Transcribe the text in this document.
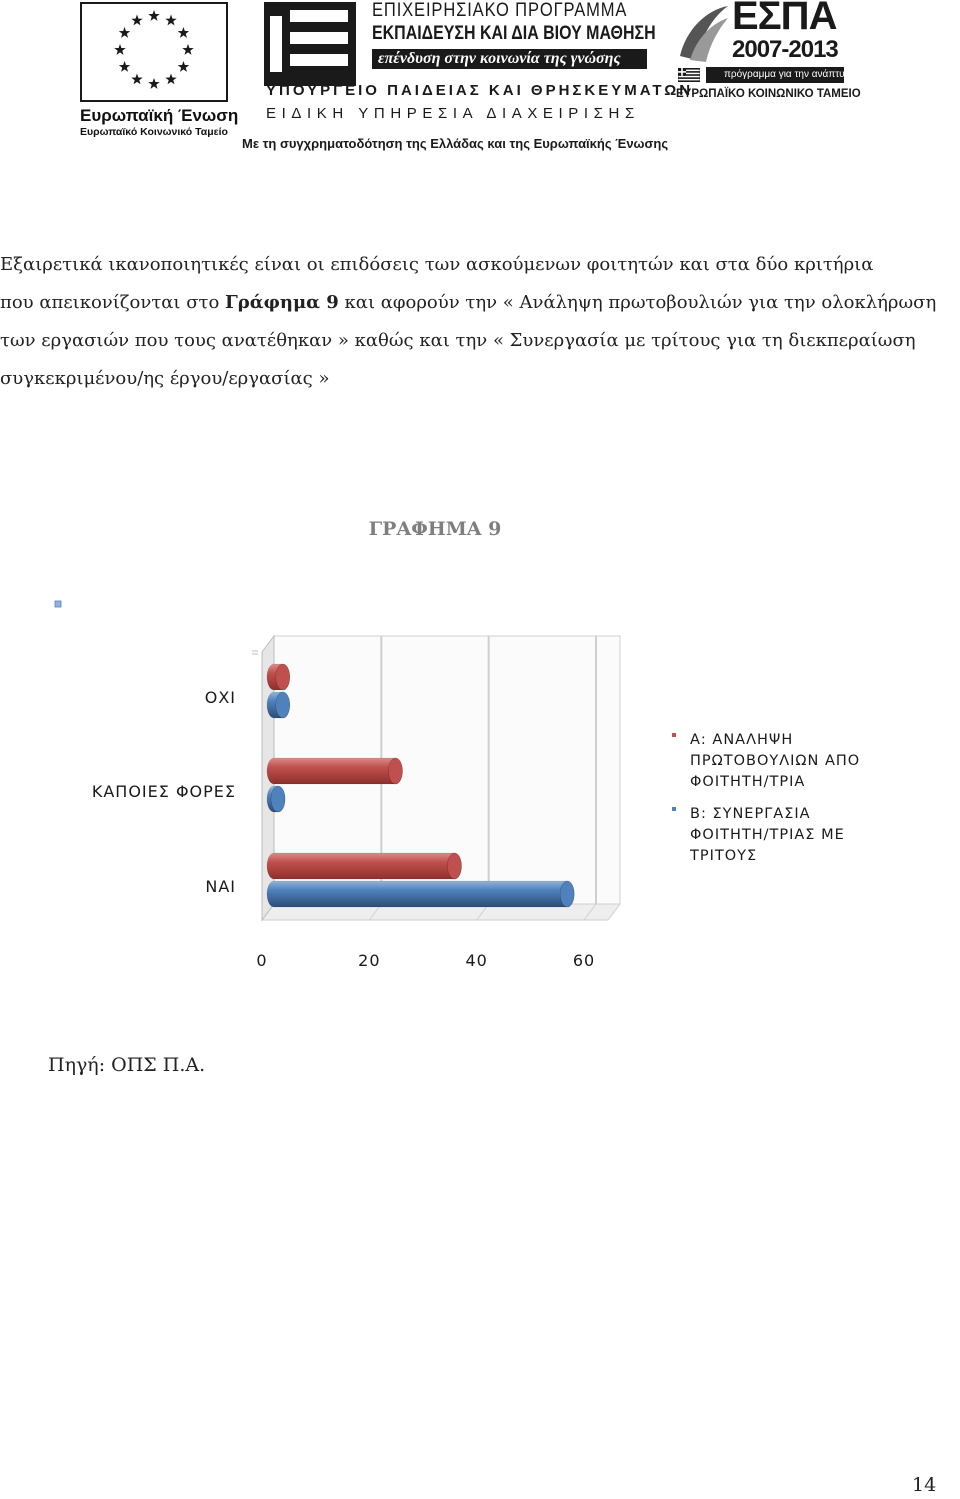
Ευρωπαϊκή Ένωση
Ευρωπαϊκό Κοινωνικό Ταμείο
ΕΠΙΧΕΙΡΗΣΙΑΚΟ ΠΡΟΓΡΑΜΜΑ
ΕΚΠΑΙΔΕΥΣΗ ΚΑΙ ΔΙΑ ΒΙΟΥ ΜΑΘΗΣΗ
επένδυση στην κοινωνία της γνώσης
ΥΠΟΥΡΓΕΙΟ ΠΑΙΔΕΙΑΣ ΚΑΙ ΘΡΗΣΚΕΥΜΑΤΩΝ
ΕΙΔΙΚΗ ΥΠΗΡΕΣΙΑ ΔΙΑΧΕΙΡΙΣΗΣ
Με τη συγχρηματοδότηση της Ελλάδας και της Ευρωπαϊκής Ένωσης
ΕΣΠΑ
2007-2013
πρόγραμμα για την ανάπτυξη
ΕΥΡΩΠΑΪΚΟ ΚΟΙΝΩΝΙΚΟ ΤΑΜΕΙΟ
Εξαιρετικά ικανοποιητικές είναι οι επιδόσεις των ασκούμενων φοιτητών και στα δύο κριτήρια
που απεικονίζονται στο Γράφημα 9 και αφορούν την « Ανάληψη πρωτοβουλιών για την ολοκλήρωση
των εργασιών που τους ανατέθηκαν » καθώς και την « Συνεργασία με τρίτους για τη διεκπεραίωση
συγκεκριμένου/ης έργου/εργασίας »
ΓΡΑΦΗΜΑ 9
0	20	40	60
ΝΑΙ
ΚΑΠΟΙΕΣ ΦΟΡΕΣ
ΟΧΙ
Α: ΑΝΑΛΗΨΗ
ΠΡΩΤΟΒΟΥΛΙΩΝ ΑΠΟ
ΦΟΙΤΗΤΗ/ΤΡΙΑ
Β: ΣΥΝΕΡΓΑΣΙΑ
ΦΟΙΤΗΤΗ/ΤΡΙΑΣ ΜΕ
ΤΡΙΤΟΥΣ
Πηγή: ΟΠΣ Π.Α.
14
